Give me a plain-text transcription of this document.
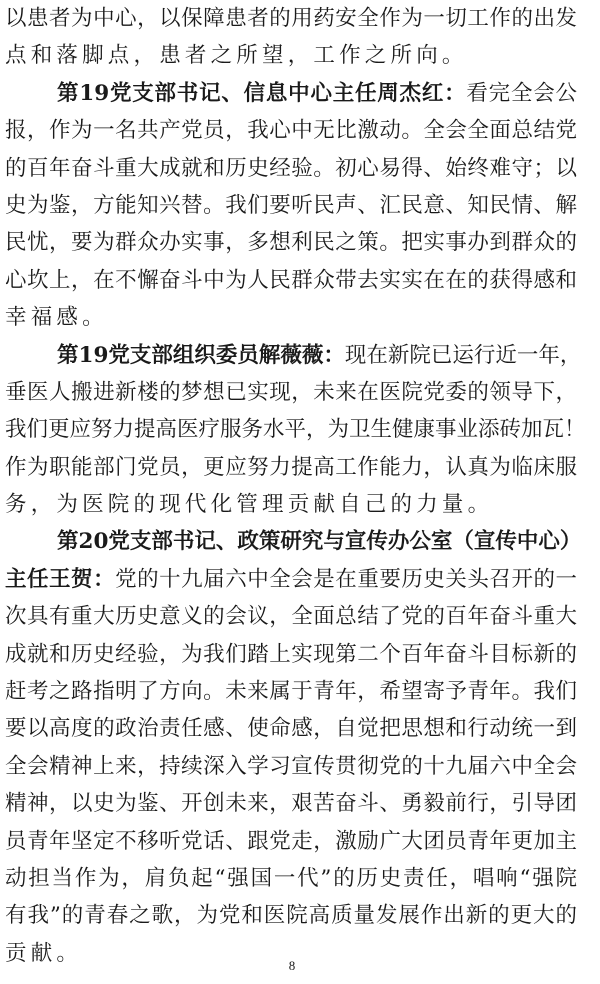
以患者为中心，以保障患者的用药安全作为一切工作的出发
点和落脚点，患者之所望，工作之所向。
第19党支部书记、信息中心主任周杰红：看完全会公
报，作为一名共产党员，我心中无比激动。全会全面总结党
的百年奋斗重大成就和历史经验。初心易得、始终难守；以
史为鉴，方能知兴替。我们要听民声、汇民意、知民情、解
民忧，要为群众办实事，多想利民之策。把实事办到群众的
心坎上，在不懈奋斗中为人民群众带去实实在在的获得感和
幸福感。
第19党支部组织委员解薇薇：现在新院已运行近一年，
垂医人搬进新楼的梦想已实现，未来在医院党委的领导下，
我们更应努力提高医疗服务水平，为卫生健康事业添砖加瓦！
作为职能部门党员，更应努力提高工作能力，认真为临床服
务，为医院的现代化管理贡献自己的力量。
第20党支部书记、政策研究与宣传办公室（宣传中心）
主任王贺：党的十九届六中全会是在重要历史关头召开的一
次具有重大历史意义的会议，全面总结了党的百年奋斗重大
成就和历史经验，为我们踏上实现第二个百年奋斗目标新的
赶考之路指明了方向。未来属于青年，希望寄予青年。我们
要以高度的政治责任感、使命感，自觉把思想和行动统一到
全会精神上来，持续深入学习宣传贯彻党的十九届六中全会
精神，以史为鉴、开创未来，艰苦奋斗、勇毅前行，引导团
员青年坚定不移听党话、跟党走，激励广大团员青年更加主
动担当作为，肩负起“强国一代”的历史责任，唱响“强院
有我”的青春之歌，为党和医院高质量发展作出新的更大的
贡献。	8
